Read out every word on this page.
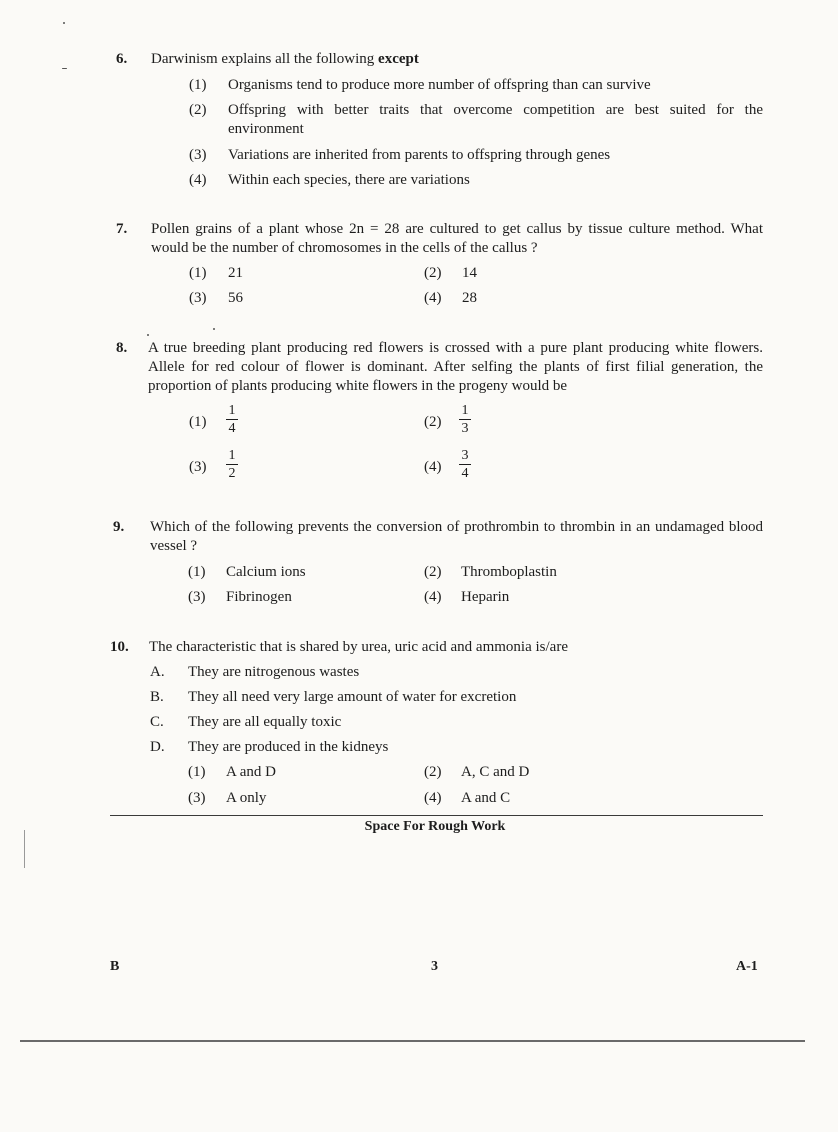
6. Darwinism explains all the following except
(1) Organisms tend to produce more number of offspring than can survive
(2) Offspring with better traits that overcome competition are best suited for the environment
(3) Variations are inherited from parents to offspring through genes
(4) Within each species, there are variations
7. Pollen grains of a plant whose 2n = 28 are cultured to get callus by tissue culture method. What would be the number of chromosomes in the cells of the callus ?
(1) 21	(2) 14
(3) 56	(4) 28
8. A true breeding plant producing red flowers is crossed with a pure plant producing white flowers. Allele for red colour of flower is dominant. After selfing the plants of first filial generation, the proportion of plants producing white flowers in the progeny would be
$(1) \frac{1}{4}$	$(2) \frac{1}{3}$
$(3) \frac{1}{2}$	$(4) \frac{3}{4}$
9. Which of the following prevents the conversion of prothrombin to thrombin in an undamaged blood vessel ?
(1) Calcium ions	(2) Thromboplastin
(3) Fibrinogen	(4) Heparin
10. The characteristic that is shared by urea, uric acid and ammonia is/are
A. They are nitrogenous wastes
B. They all need very large amount of water for excretion
C. They are all equally toxic
D. They are produced in the kidneys
(1) A and D	(2) A, C and D
(3) A only	(4) A and C
Space For Rough Work
B	3	A-1
